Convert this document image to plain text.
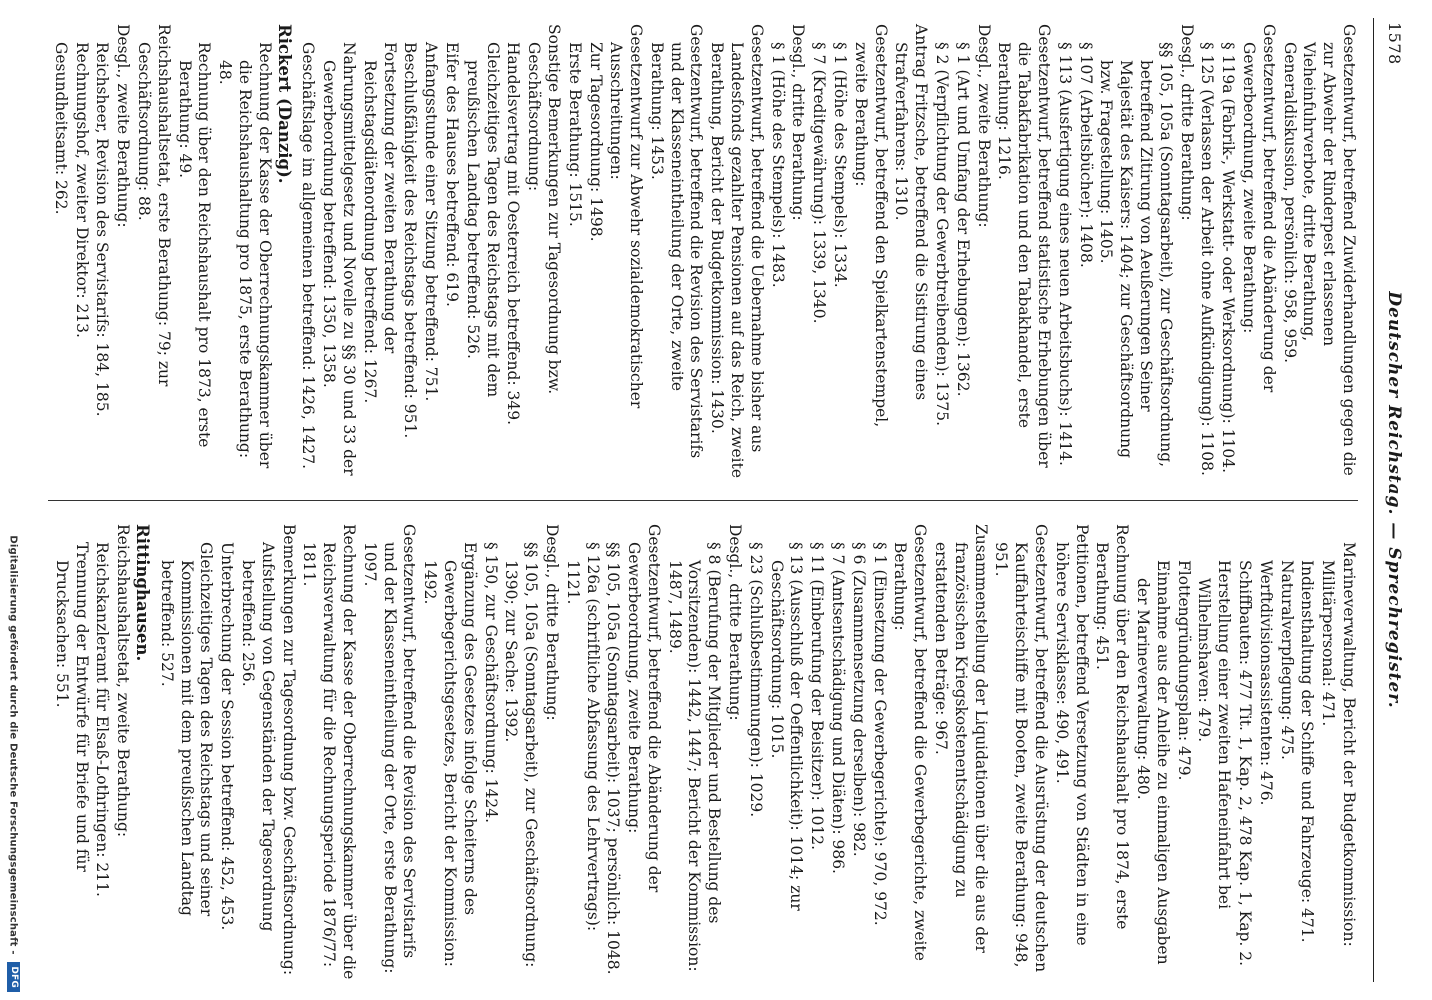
1578
Deutscher Reichstag. — Sprechregister.
Gesetzentwurf, betreffend Zuwiderhandlungen gegen die zur Abwehr der Rinderpest erlassenen Vieheinfuhrverbote, dritte Berathung, Generaldiskussion, persönlich: 958, 959.
Gesetzentwurf, betreffend die Abänderung der Gewerbeordnung, zweite Berathung:
§ 119a (Fabrik-, Werkstatt- oder Werksordnung): 1104.
§ 125 (Verlassen der Arbeit ohne Aufkündigung): 1108.
Desgl., dritte Berathung:
§§ 105, 105a (Sonntagsarbeit), zur Geschäftsordnung, betreffend Zitirung von Aeußerungen Seiner Majestät des Kaisers: 1404; zur Geschäftsordnung bzw. Fragestellung: 1405.
§ 107 (Arbeitsbücher): 1408.
§ 113 (Ausfertigung eines neuen Arbeitsbuchs): 1414.
Gesetzentwurf, betreffend statistische Erhebungen über die Tabakfabrikation und den Tabakhandel, erste Berathung: 1216.
Desgl., zweite Berathung:
§ 1 (Art und Umfang der Erhebungen): 1362.
§ 2 (Verpflichtung der Gewerbtreibenden): 1375.
Antrag Fritzsche, betreffend die Sistirung eines Strafverfahrens: 1310.
Gesetzentwurf, betreffend den Spielkartenstempel, zweite Berathung:
§ 1 (Höhe des Stempels): 1334.
§ 7 (Kreditgewährung): 1339, 1340.
Desgl., dritte Berathung:
§ 1 (Höhe des Stempels): 1483.
Gesetzentwurf, betreffend die Uebernahme bisher aus Landesfonds gezahlter Pensionen auf das Reich, zweite Berathung, Bericht der Budgetkommission: 1430.
Gesetzentwurf, betreffend die Revision des Servistarifs und der Klasseneintheilung der Orte, zweite Berathung: 1453.
Gesetzentwurf zur Abwehr sozialdemokratischer Ausschreitungen:
Zur Tagesordnung: 1498.
Erste Berathung: 1515.
Sonstige Bemerkungen zur Tagesordnung bzw. Geschäftsordnung:
Handelsvertrag mit Oesterreich betreffend: 349.
Gleichzeitiges Tagen des Reichstags mit dem preußischen Landtag betreffend: 526.
Eifer des Hauses betreffend: 619.
Anfangsstunde einer Sitzung betreffend: 751.
Beschlußfähigkeit des Reichstags betreffend: 951.
Fortsetzung der zweiten Berathung der Reichstagsdiätenordnung betreffend: 1267.
Nahrungsmittelgesetz und Novelle zu §§ 30 und 33 der Gewerbeordnung betreffend: 1350, 1358.
Geschäftslage im allgemeinen betreffend: 1426, 1427.
Rickert (Danzig).
Rechnung der Kasse der Oberrechnungskammer über die Reichshaushaltung pro 1875, erste Berathung: 48.
Rechnung über den Reichshaushalt pro 1873, erste Berathung: 49.
Reichshaushaltsetat, erste Berathung: 79; zur Geschäftsordnung: 88.
Desgl., zweite Berathung:
Reichsheer, Revision des Servistarifs: 184, 185.
Rechnungshof, zweiter Direktor: 213.
Gesundheitsamt: 262.
Marineverwaltung, Bericht der Budgetkommission:
Militärpersonal: 471.
Indiensthaltung der Schiffe und Fahrzeuge: 471.
Naturalverpflegung: 475.
Werftdivisionsassistenten: 476.
Schiffbauten: 477 Tit. 1, Kap. 2, 478 Kap. 1, Kap. 2.
Herstellung einer zweiten Hafeneinfahrt bei Wilhelmshaven: 479.
Flottengründungsplan: 479.
Einnahme aus der Anleihe zu einmaligen Ausgaben der Marineverwaltung: 480.
Rechnung über den Reichshaushalt pro 1874, erste Berathung: 451.
Petitionen, betreffend Versetzung von Städten in eine höhere Servisklasse: 490, 491.
Gesetzentwurf, betreffend die Ausrüstung der deutschen Kauffahrteischiffe mit Booten, zweite Berathung: 948, 951.
Zusammenstellung der Liquidationen über die aus der französischen Kriegskostenentschädigung zu erstattenden Beträge: 967.
Gesetzentwurf, betreffend die Gewerbegerichte, zweite Berathung:
§ 1 (Einsetzung der Gewerbegerichte): 970, 972.
§ 6 (Zusammensetzung derselben): 982.
§ 7 (Amtsentschädigung und Diäten): 986.
§ 11 (Einberufung der Beisitzer): 1012.
§ 13 (Ausschluß der Oeffentlichkeit): 1014; zur Geschäftsordnung: 1015.
§ 23 (Schlußbestimmungen): 1029.
Desgl., dritte Berathung:
§ 8 (Berufung der Mitglieder und Bestellung des Vorsitzenden): 1442, 1447; Bericht der Kommission: 1487, 1489.
Gesetzentwurf, betreffend die Abänderung der Gewerbeordnung, zweite Berathung:
§§ 105, 105a (Sonntagsarbeit): 1037; persönlich: 1048.
§ 126a (schriftliche Abfassung des Lehrvertrags): 1121.
Desgl., dritte Berathung:
§§ 105, 105a (Sonntagsarbeit), zur Geschäftsordnung: 1390; zur Sache: 1392.
§ 150, zur Geschäftsordnung: 1424.
Ergänzung des Gesetzes infolge Scheiterns des Gewerbegerichtsgesetzes, Bericht der Kommission: 1492.
Gesetzentwurf, betreffend die Revision des Servistarifs und der Klasseneintheilung der Orte, erste Berathung: 1097.
Rechnung der Kasse der Oberrechnungskammer über die Reichsverwaltung für die Rechnungsperiode 1876/77: 1811.
Bemerkungen zur Tagesordnung bzw. Geschäftsordnung:
Aufstellung von Gegenständen der Tagesordnung betreffend: 256.
Unterbrechung der Session betreffend: 452, 453.
Gleichzeitiges Tagen des Reichstags und seiner Kommissionen mit dem preußischen Landtag betreffend: 527.
Rittinghausen.
Reichshaushaltsetat, zweite Berathung:
Reichskanzleramt für Elsaß-Lothringen: 211.
Trennung der Entwürfe für Briefe und für Drucksachen: 551.
Digitalisierung gefördert durch die Deutsche Forschungsgemeinschaft - DFG
